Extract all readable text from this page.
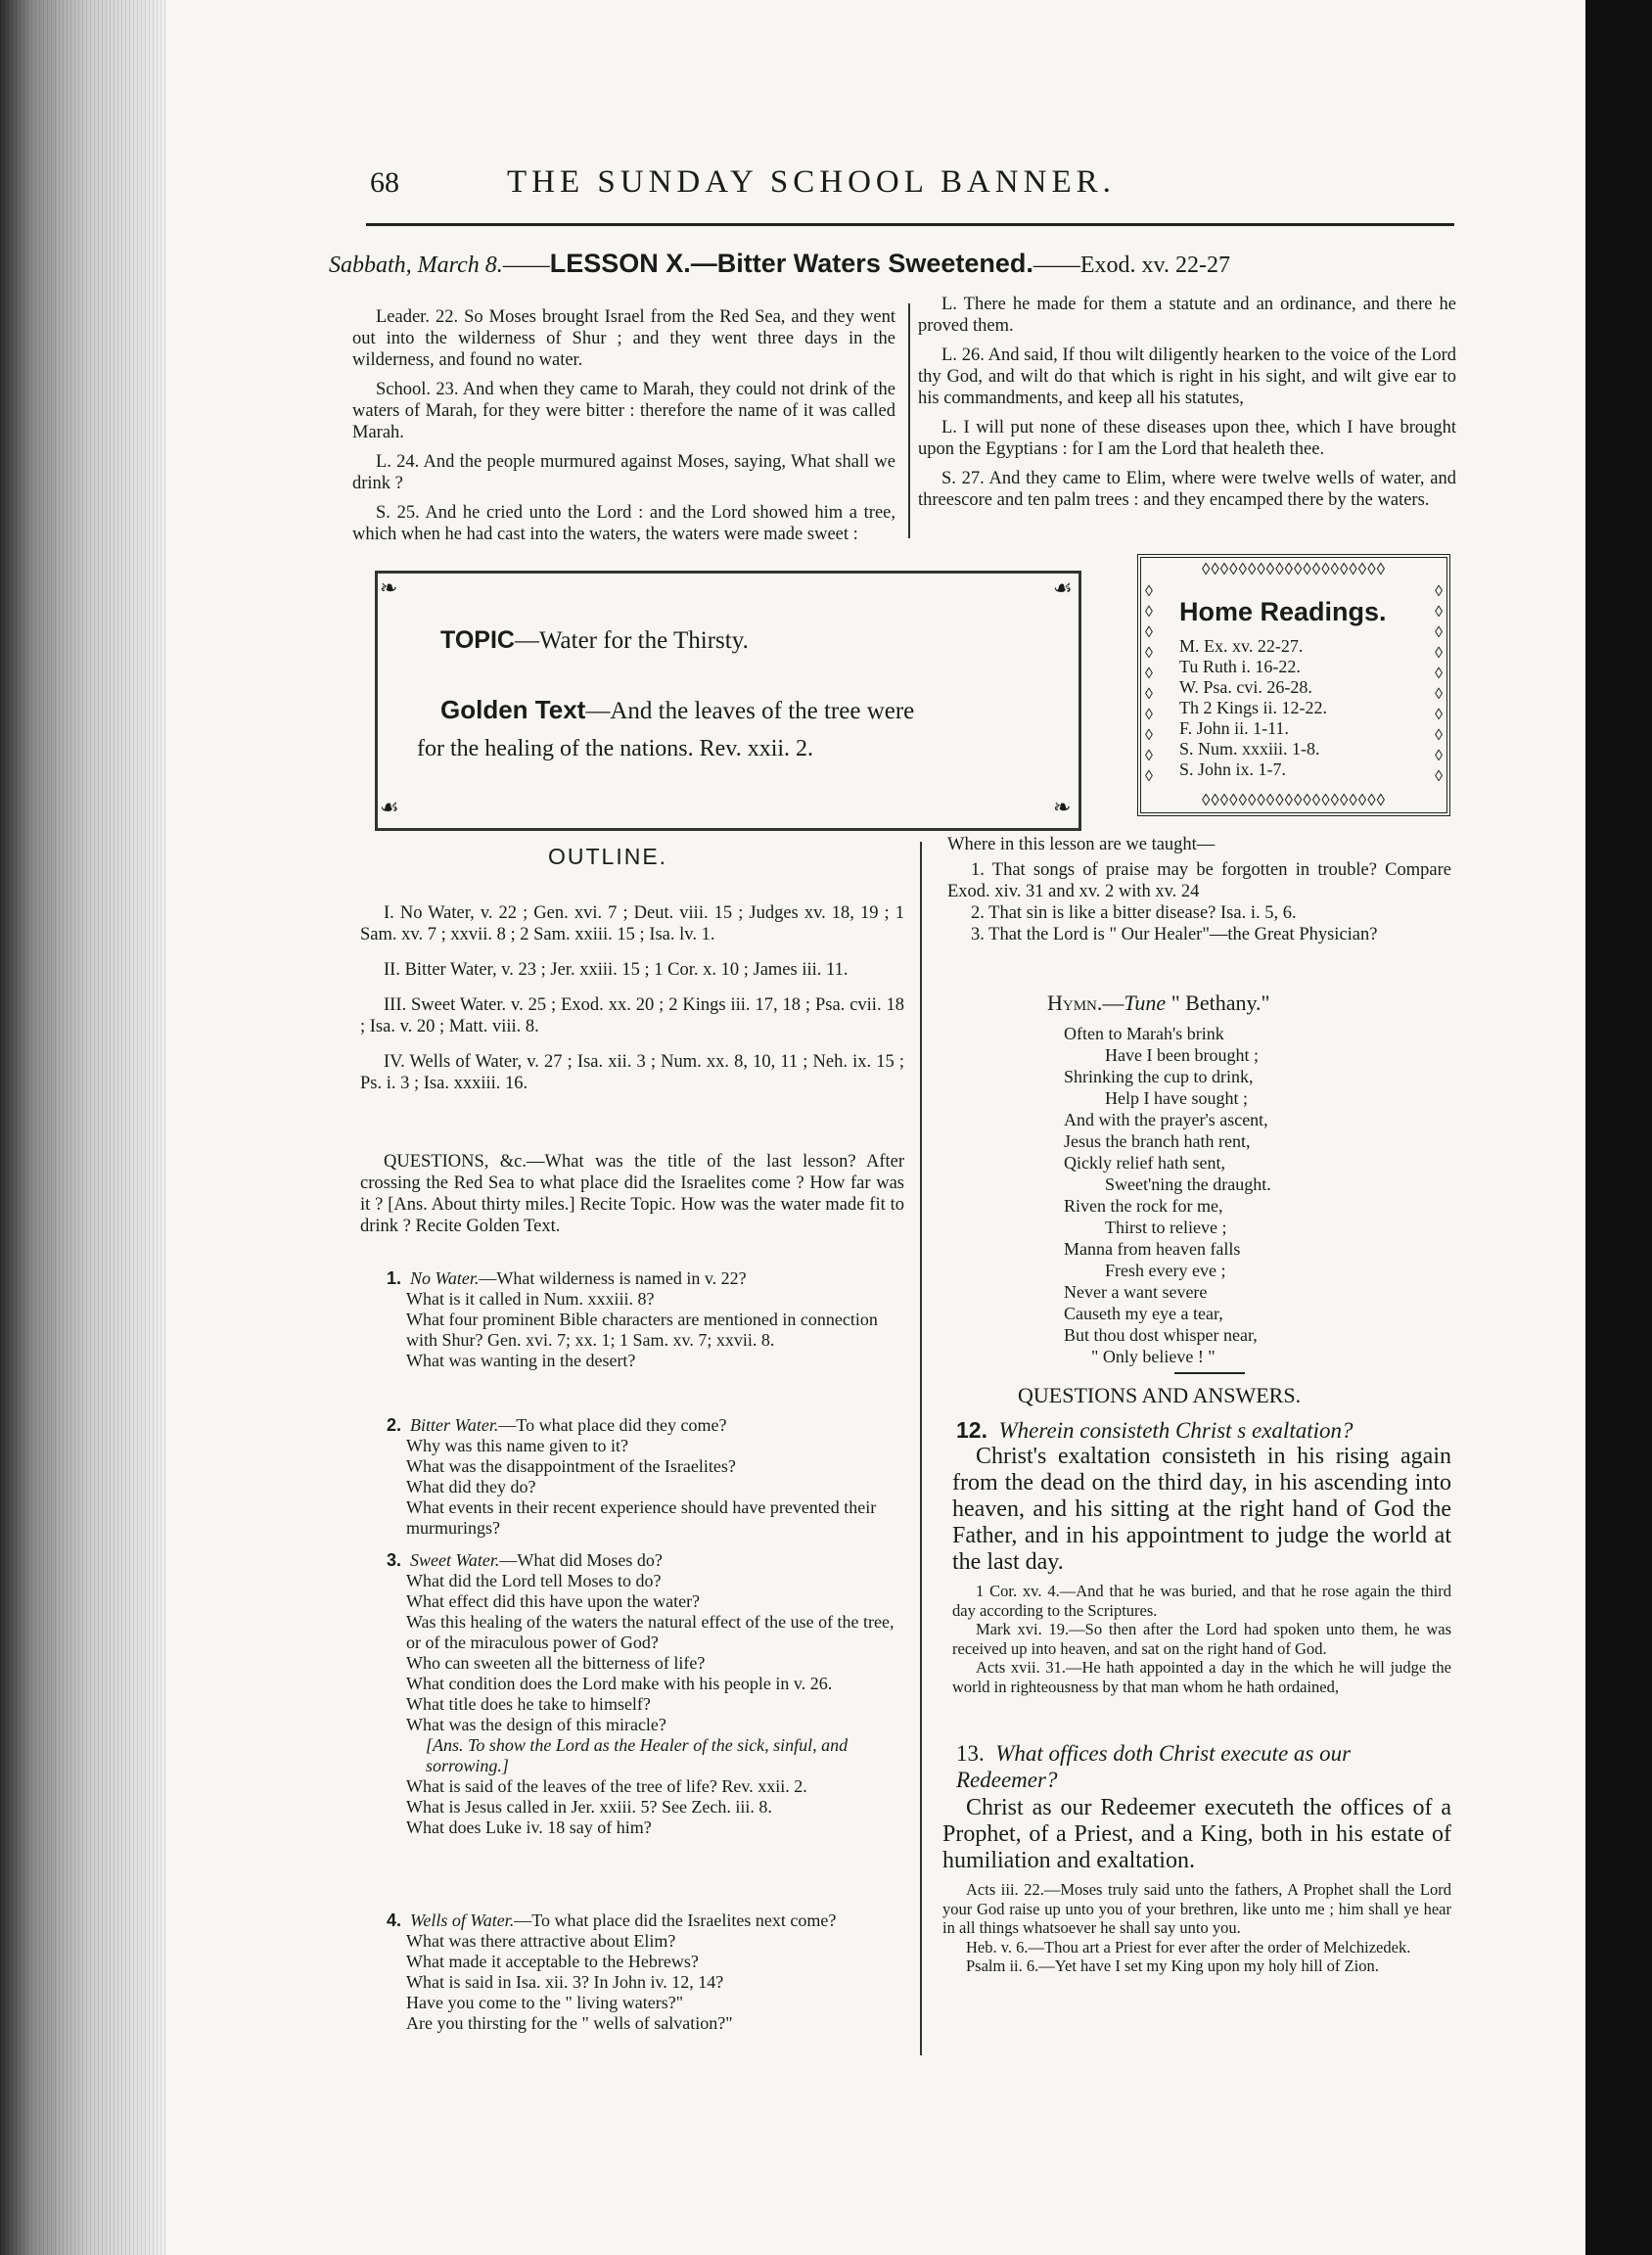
68	THE SUNDAY SCHOOL BANNER.
Sabbath, March 8.——LESSON X.—Bitter Waters Sweetened.——Exod. xv. 22-27

Leader. 22. So Moses brought Israel from the Red Sea, and they went out into the wilderness of Shur ; and they went three days in the wilderness, and found no water.

School. 23. And when they came to Marah, they could not drink of the waters of Marah, for they were bitter : therefore the name of it was called Marah.

L. 24. And the people murmured against Moses, saying, What shall we drink ?

S. 25. And he cried unto the Lord : and the Lord showed him a tree, which when he had cast into the waters, the waters were made sweet :

L. There he made for them a statute and an ordinance, and there he proved them.

L. 26. And said, If thou wilt diligently hearken to the voice of the Lord thy God, and wilt do that which is right in his sight, and wilt give ear to his commandments, and keep all his statutes,

L. I will put none of these diseases upon thee, which I have brought upon the Egyptians : for I am the Lord that healeth thee.

S. 27. And they came to Elim, where were twelve wells of water, and threescore and ten palm trees : and they encamped there by the waters.

❧	☙
☙	❧
TOPIC—Water for the Thirsty.
Golden Text—And the leaves of the tree were
for the healing of the nations. Rev. xxii. 2.
◊◊◊◊◊◊◊◊◊◊◊◊◊◊◊◊◊◊◊◊
◊◊◊◊◊◊◊◊◊◊◊◊◊◊◊◊◊◊◊◊
◊
◊
◊
◊
◊
◊
◊
◊
◊
◊
◊
◊
◊
◊
◊
◊
◊
◊
◊
◊
Home Readings.
M. Ex. xv. 22-27.
Tu Ruth i. 16-22.
W. Psa. cvi. 26-28.
Th 2 Kings ii. 12-22.
F. John ii. 1-11.
S. Num. xxxiii. 1-8.
S. John ix. 1-7.
OUTLINE.

I. No Water, v. 22 ; Gen. xvi. 7 ; Deut. viii. 15 ; Judges xv. 18, 19 ; 1 Sam. xv. 7 ; xxvii. 8 ; 2 Sam. xxiii. 15 ; Isa. lv. 1.

II. Bitter Water, v. 23 ; Jer. xxiii. 15 ; 1 Cor. x. 10 ; James iii. 11.

III. Sweet Water. v. 25 ; Exod. xx. 20 ; 2 Kings iii. 17, 18 ; Psa. cvii. 18 ; Isa. v. 20 ; Matt. viii. 8.

IV. Wells of Water, v. 27 ; Isa. xii. 3 ; Num. xx. 8, 10, 11 ; Neh. ix. 15 ; Ps. i. 3 ; Isa. xxxiii. 16.

QUESTIONS, &c.—What was the title of the last lesson? After crossing the Red Sea to what place did the Israelites come ? How far was it ? [Ans. About thirty miles.] Recite Topic. How was the water made fit to drink ? Recite Golden Text.

1. No Water.—What wilderness is named in v. 22?
What is it called in Num. xxxiii. 8?
What four prominent Bible characters are mentioned in connection with Shur? Gen. xvi. 7; xx. 1; 1 Sam. xv. 7; xxvii. 8.
What was wanting in the desert?
2. Bitter Water.—To what place did they come?
Why was this name given to it?
What was the disappointment of the Israelites?
What did they do?
What events in their recent experience should have prevented their murmurings?
3. Sweet Water.—What did Moses do?
What did the Lord tell Moses to do?
What effect did this have upon the water?
Was this healing of the waters the natural effect of the use of the tree, or of the miraculous power of God?
Who can sweeten all the bitterness of life?
What condition does the Lord make with his people in v. 26.
What title does he take to himself?
What was the design of this miracle?
[Ans. To show the Lord as the Healer of the sick, sinful, and sorrowing.]
What is said of the leaves of the tree of life? Rev. xxii. 2.
What is Jesus called in Jer. xxiii. 5? See Zech. iii. 8.
What does Luke iv. 18 say of him?
4. Wells of Water.—To what place did the Israelites next come?
What was there attractive about Elim?
What made it acceptable to the Hebrews?
What is said in Isa. xii. 3? In John iv. 12, 14?
Have you come to the " living waters?"
Are you thirsting for the " wells of salvation?"
Where in this lesson are we taught—

1. That songs of praise may be forgotten in trouble? Compare Exod. xiv. 31 and xv. 2 with xv. 24

2. That sin is like a bitter disease? Isa. i. 5, 6.

3. That the Lord is " Our Healer"—the Great Physician?

Hymn.—Tune " Bethany."
Often to Marah's brink
Have I been brought ;
Shrinking the cup to drink,
Help I have sought ;
And with the prayer's ascent,
Jesus the branch hath rent,
Qickly relief hath sent,
Sweet'ning the draught.
Riven the rock for me,
Thirst to relieve ;
Manna from heaven falls
Fresh every eve ;
Never a want severe
Causeth my eye a tear,
But thou dost whisper near,
" Only believe ! "
QUESTIONS AND ANSWERS.
12. Wherein consisteth Christ s exaltation?
Christ's exaltation consisteth in his rising again from the dead on the third day, in his ascending into heaven, and his sitting at the right hand of God the Father, and in his appointment to judge the world at the last day.
1 Cor. xv. 4.—And that he was buried, and that he rose again the third day according to the Scriptures.
Mark xvi. 19.—So then after the Lord had spoken unto them, he was received up into heaven, and sat on the right hand of God.
Acts xvii. 31.—He hath appointed a day in the which he will judge the world in righteousness by that man whom he hath ordained,
13. What offices doth Christ execute as our Redeemer?
Christ as our Redeemer executeth the offices of a Prophet, of a Priest, and a King, both in his estate of humiliation and exaltation.
Acts iii. 22.—Moses truly said unto the fathers, A Prophet shall the Lord your God raise up unto you of your brethren, like unto me ; him shall ye hear in all things whatsoever he shall say unto you.
Heb. v. 6.—Thou art a Priest for ever after the order of Melchizedek.
Psalm ii. 6.—Yet have I set my King upon my holy hill of Zion.
